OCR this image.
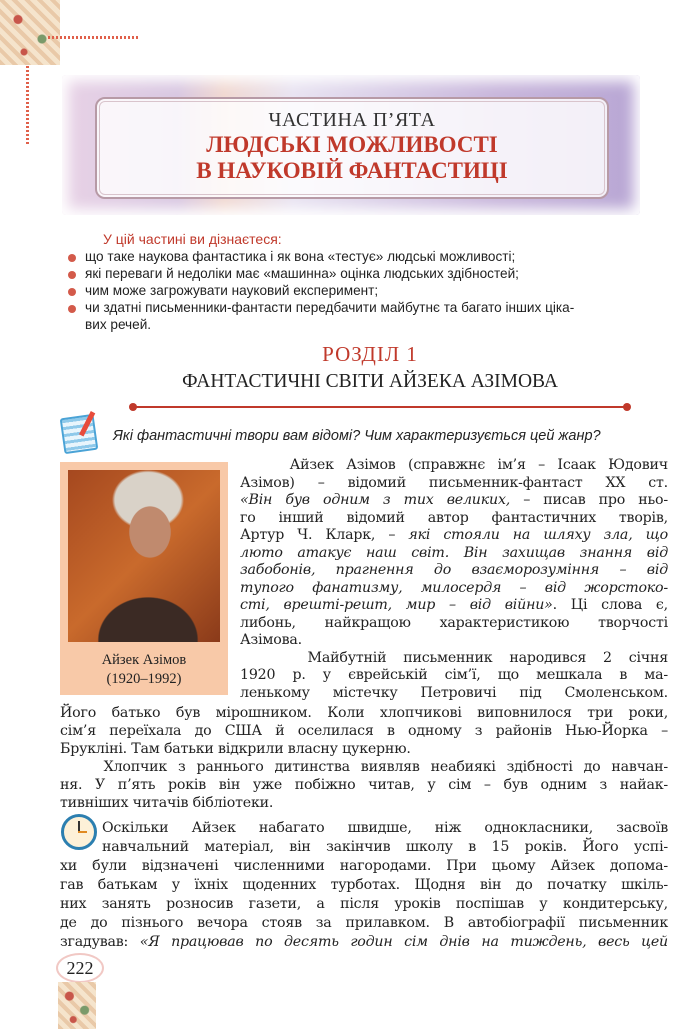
ЧАСТИНА П’ЯТА
ЛЮДСЬКІ МОЖЛИВОСТІ
В НАУКОВІЙ ФАНТАСТИЦІ
У цій частині ви дізнаєтеся:
що таке наукова фантастика і як вона «тестує» людські можливості;
які переваги й недоліки має «машинна» оцінка людських здібностей;
чим може загрожувати науковий експеримент;
чи здатні письменники-фантасти передбачити майбутнє та багато інших ціка-
вих речей.
РОЗДІЛ 1
ФАНТАСТИЧНІ СВІТИ АЙЗЕКА АЗІМОВА
Які фантастичні твори вам відомі? Чим характеризується цей жанр?
Айзек Азімов
(1920–1992)
Айзек Азімов (справжнє ім’я – Ісаак Юдович
Азімов) – відомий письменник-фантаст XX ст.
«Він був одним з тих великих, – писав про ньо-
го інший відомий автор фантастичних творів,
Артур Ч. Кларк, – які стояли на шляху зла, що
люто атакує наш світ. Він захищав знання від
забобонів, прагнення до взаєморозуміння – від
тупого фанатизму, милосердя – від жорстоко-
сті, врешті-решт, мир – від війни». Ці слова є,
либонь, найкращою характеристикою творчості
Азімова.
Майбутній письменник народився 2 січня
1920 р. у єврейській сім’ї, що мешкала в ма-
ленькому містечку Петровичі під Смоленськом.
Його батько був мірошником. Коли хлопчикові виповнилося три роки,
сім’я переїхала до США й оселилася в одному з районів Нью-Йорка –
Брукліні. Там батьки відкрили власну цукерню.
Хлопчик з раннього дитинства виявляв неабиякі здібності до навчан-
ня. У п’ять років він уже побіжно читав, у сім – був одним з найак-
тивніших читачів бібліотеки.
Оскільки Айзек набагато швидше, ніж однокласники, засвоїв
навчальний матеріал, він закінчив школу в 15 років. Його успі-
хи були відзначені численними нагородами. При цьому Айзек допома-
гав батькам у їхніх щоденних турботах. Щодня він до початку шкіль-
них занять розносив газети, а після уроків поспішав у кондитерську,
де до пізнього вечора стояв за прилавком. В автобіографії письменник
згадував: «Я працював по десять годин сім днів на тиждень, весь цей
222
